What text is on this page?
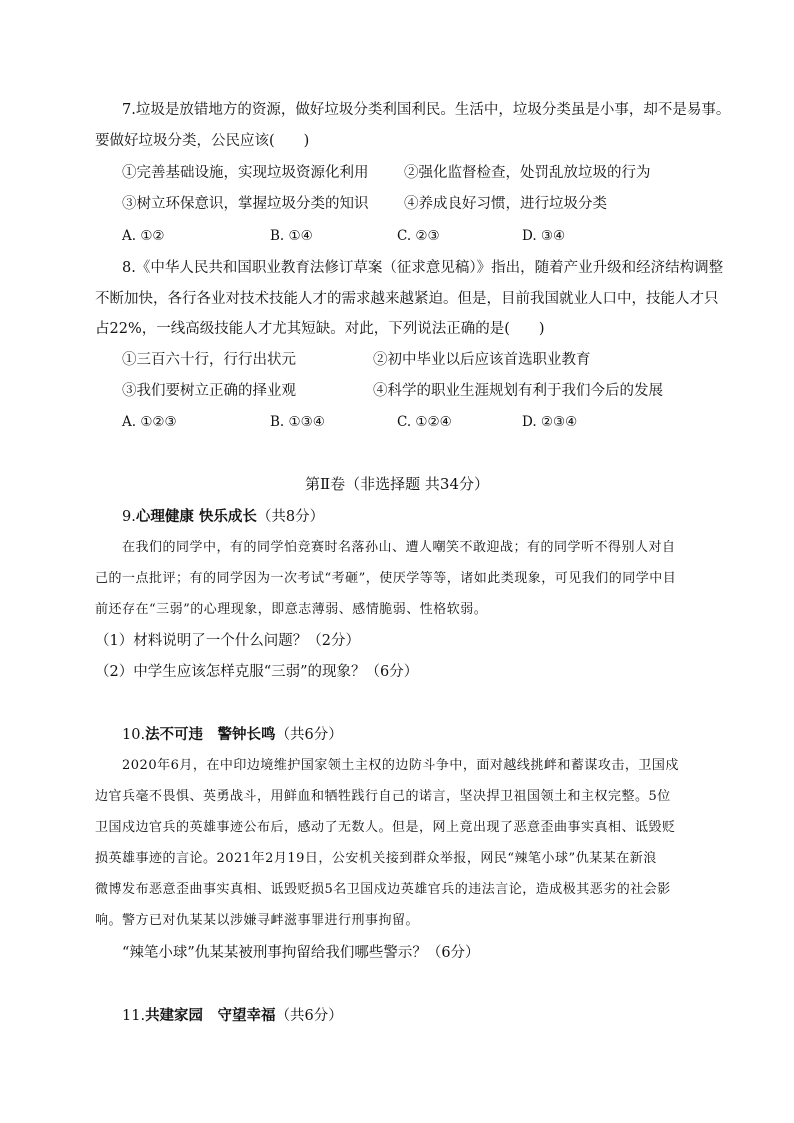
7.垃圾是放错地方的资源，做好垃圾分类利国利民。生活中，垃圾分类虽是小事，却不是易事。
要做好垃圾分类，公民应该(　　)
①完善基础设施，实现垃圾资源化利用 ②强化监督检查，处罚乱放垃圾的行为
③树立环保意识，掌握垃圾分类的知识 ④养成良好习惯，进行垃圾分类
A. ①②	B. ①④	C. ②③	D. ③④
8.《中华人民共和国职业教育法修订草案（征求意见稿）》指出，随着产业升级和经济结构调整
不断加快，各行各业对技术技能人才的需求越来越紧迫。但是，目前我国就业人口中，技能人才只
占22%，一线高级技能人才尤其短缺。对此，下列说法正确的是(　　)
①三百六十行，行行出状元	②初中毕业以后应该首选职业教育
③我们要树立正确的择业观	④科学的职业生涯规划有利于我们今后的发展
A. ①②③	B. ①③④	C. ①②④	D. ②③④
第Ⅱ卷（非选择题 共34分）
9.心理健康 快乐成长（共8分）
在我们的同学中，有的同学怕竞赛时名落孙山、遭人嘲笑不敢迎战；有的同学听不得别人对自
己的一点批评；有的同学因为一次考试“考砸”，使厌学等等，诸如此类现象，可见我们的同学中目
前还存在“三弱”的心理现象，即意志薄弱、感情脆弱、性格软弱。
（1）材料说明了一个什么问题？（2分）
（2）中学生应该怎样克服“三弱”的现象？（6分）
10.法不可违　警钟长鸣（共6分）
2020年6月，在中印边境维护国家领土主权的边防斗争中，面对越线挑衅和蓄谋攻击，卫国戍
边官兵毫不畏惧、英勇战斗，用鲜血和牺牲践行自己的诺言，坚决捍卫祖国领土和主权完整。5位
卫国戍边官兵的英雄事迹公布后，感动了无数人。但是，网上竟出现了恶意歪曲事实真相、诋毁贬
损英雄事迹的言论。2021年2月19日，公安机关接到群众举报，网民“辣笔小球”仇某某在新浪
微博发布恶意歪曲事实真相、诋毁贬损5名卫国戍边英雄官兵的违法言论，造成极其恶劣的社会影
响。警方已对仇某某以涉嫌寻衅滋事罪进行刑事拘留。
“辣笔小球”仇某某被刑事拘留给我们哪些警示？（6分）
11.共建家园　守望幸福（共6分）
